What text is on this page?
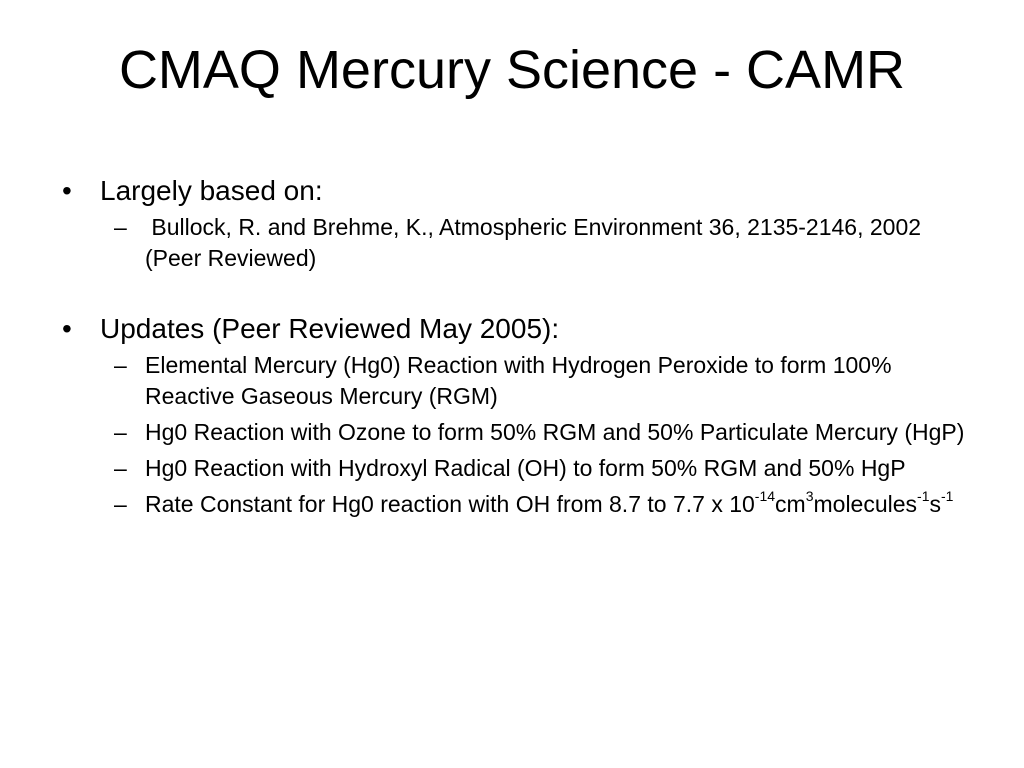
CMAQ Mercury Science - CAMR
• Largely based on:
– Bullock, R. and Brehme, K., Atmospheric Environment 36, 2135-2146, 2002 (Peer Reviewed)
• Updates (Peer Reviewed May 2005):
– Elemental Mercury (Hg0) Reaction with Hydrogen Peroxide to form 100% Reactive Gaseous Mercury (RGM)
– Hg0 Reaction with Ozone to form 50% RGM and 50% Particulate Mercury (HgP)
– Hg0 Reaction with Hydroxyl Radical (OH) to form 50% RGM and 50% HgP
– Rate Constant for Hg0 reaction with OH from 8.7 to 7.7 x $10^{-14}cm^3molecules^{-1}s^{-1}$
